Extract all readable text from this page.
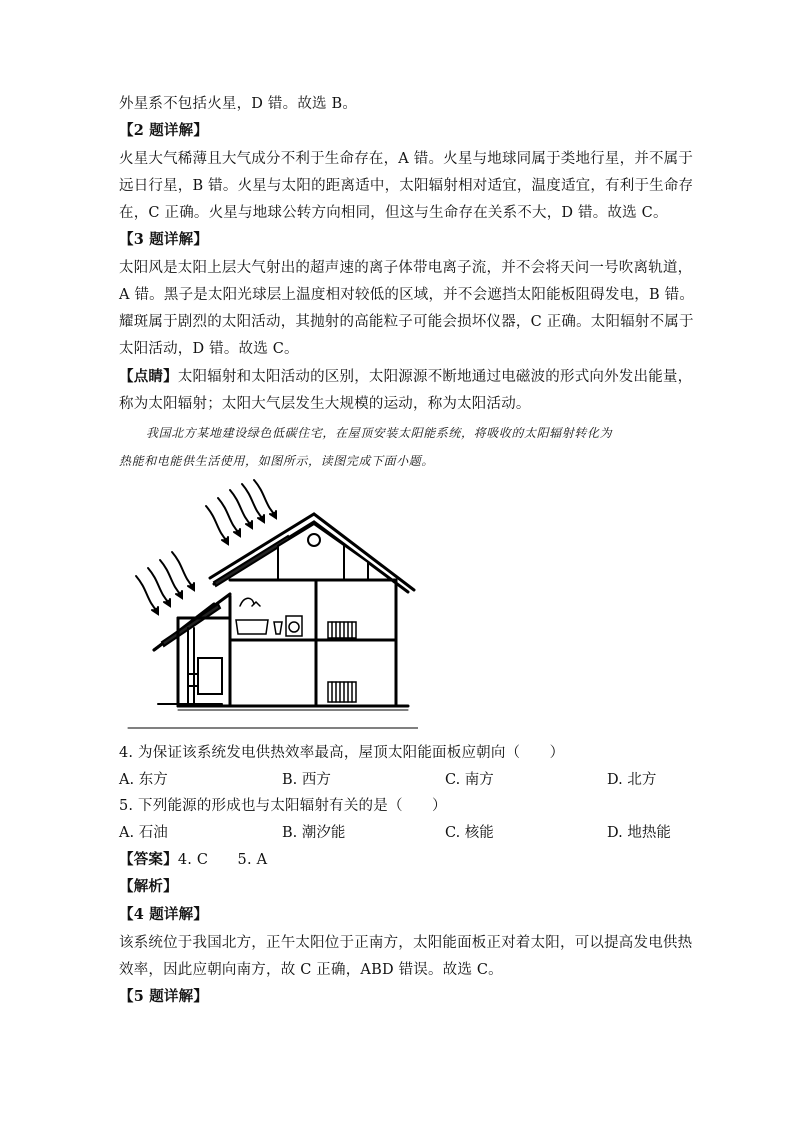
外星系不包括火星，D 错。故选 B。
【2 题详解】
火星大气稀薄且大气成分不利于生命存在，A 错。火星与地球同属于类地行星，并不属于
远日行星，B 错。火星与太阳的距离适中，太阳辐射相对适宜，温度适宜，有利于生命存
在，C 正确。火星与地球公转方向相同，但这与生命存在关系不大，D 错。故选 C。
【3 题详解】
太阳风是太阳上层大气射出的超声速的离子体带电离子流，并不会将天问一号吹离轨道，
A 错。黑子是太阳光球层上温度相对较低的区域，并不会遮挡太阳能板阻碍发电，B 错。
耀斑属于剧烈的太阳活动，其抛射的高能粒子可能会损坏仪器，C 正确。太阳辐射不属于
太阳活动，D 错。故选 C。
【点睛】太阳辐射和太阳活动的区别，太阳源源不断地通过电磁波的形式向外发出能量，
称为太阳辐射；太阳大气层发生大规模的运动，称为太阳活动。
我国北方某地建设绿色低碳住宅，在屋顶安装太阳能系统，将吸收的太阳辐射转化为
热能和电能供生活使用，如图所示，读图完成下面小题。
4. 为保证该系统发电供热效率最高，屋顶太阳能面板应朝向（　　）
A. 东方	B. 西方	C. 南方	D. 北方
5. 下列能源的形成也与太阳辐射有关的是（　　）
A. 石油	B. 潮汐能	C. 核能	D. 地热能
【答案】4. C　　5. A
【解析】
【4 题详解】
该系统位于我国北方，正午太阳位于正南方，太阳能面板正对着太阳，可以提高发电供热
效率，因此应朝向南方，故 C 正确，ABD 错误。故选 C。
【5 题详解】
